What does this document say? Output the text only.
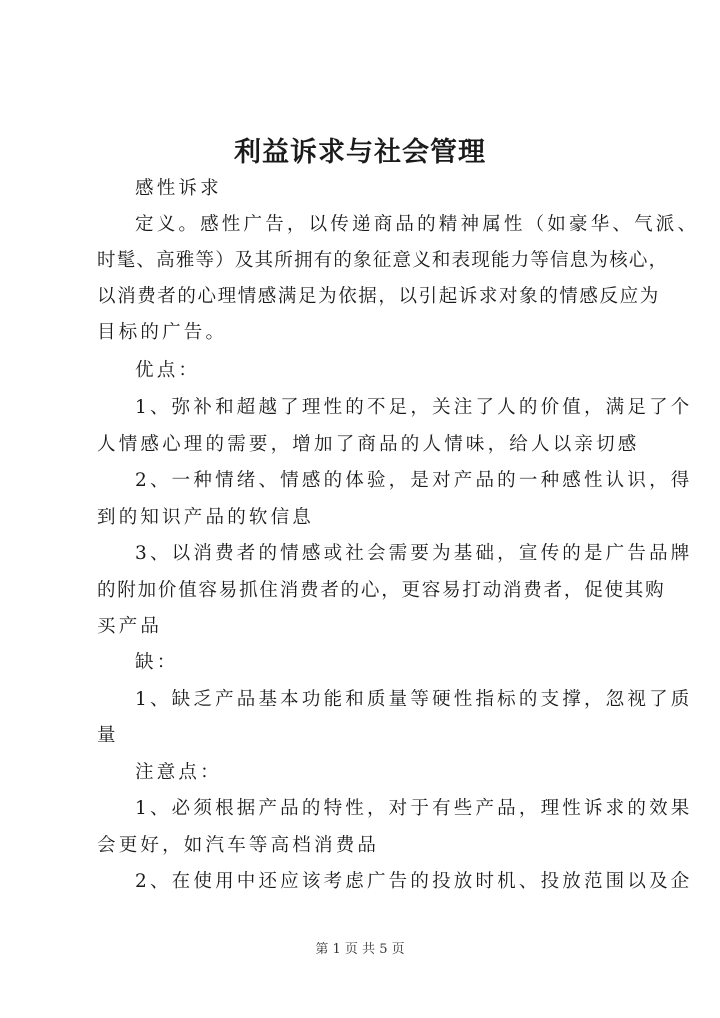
利益诉求与社会管理
感性诉求
定义。感性广告，以传递商品的精神属性（如豪华、气派、
时髦、高雅等）及其所拥有的象征意义和表现能力等信息为核心，
以消费者的心理情感满足为依据，以引起诉求对象的情感反应为
目标的广告。
优点：
1、弥补和超越了理性的不足，关注了人的价值，满足了个
人情感心理的需要，增加了商品的人情味，给人以亲切感
2、一种情绪、情感的体验，是对产品的一种感性认识，得
到的知识产品的软信息
3、以消费者的情感或社会需要为基础，宣传的是广告品牌
的附加价值容易抓住消费者的心，更容易打动消费者，促使其购
买产品
缺：
1、缺乏产品基本功能和质量等硬性指标的支撑，忽视了质
量
注意点：
1、必须根据产品的特性，对于有些产品，理性诉求的效果
会更好，如汽车等高档消费品
2、在使用中还应该考虑广告的投放时机、投放范围以及企
第 1 页 共 5 页
